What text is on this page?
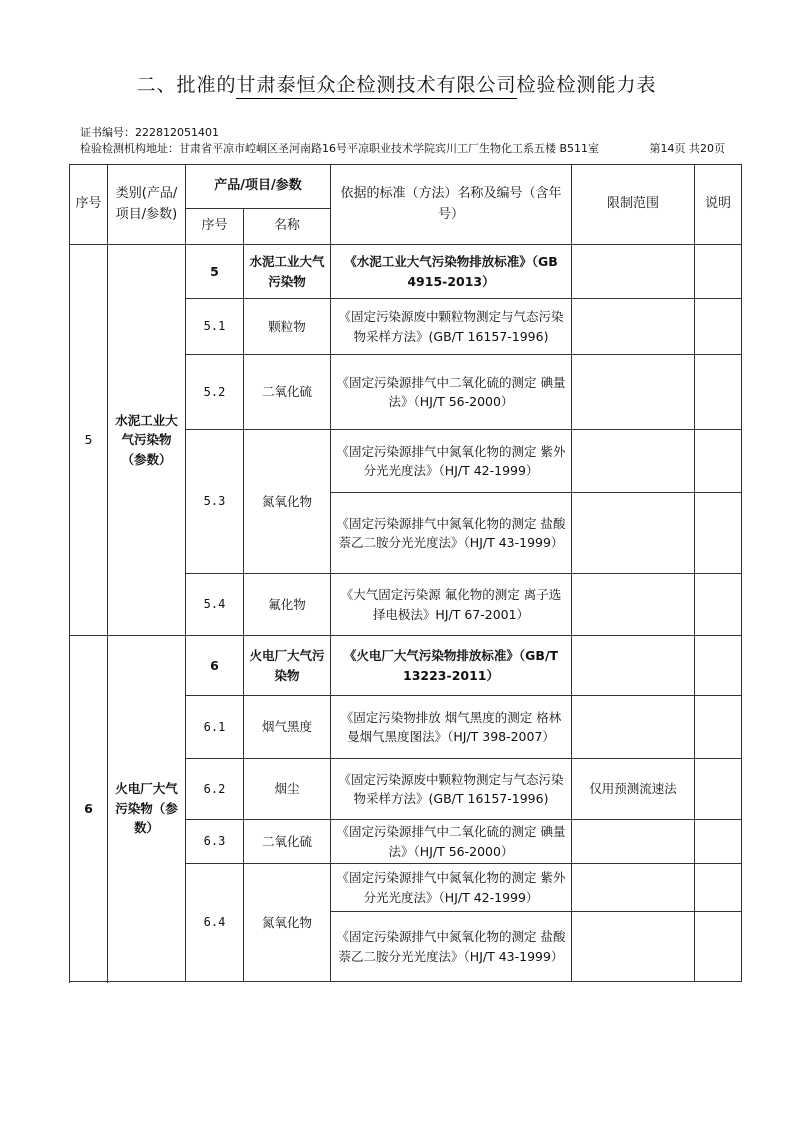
二、批准的甘肃泰恒众企检测技术有限公司检验检测能力表
证书编号：222812051401
检验检测机构地址：甘肃省平凉市崆峒区圣河南路16号平凉职业技术学院宾川工厂生物化工系五楼 B511室	第14页 共20页
序号	类别(产品/项目/参数)	产品/项目/参数		依据的标准（方法）名称及编号（含年号）	限制范围	说明
		序号	名称			
5	水泥工业大气污染物（参数）	5	水泥工业大气污染物	《水泥工业大气污染物排放标准》（GB 4915-2013）		
		5.1	颗粒物	《固定污染源废中颗粒物测定与气态污染物采样方法》(GB/T 16157-1996)		
		5.2	二氧化硫	《固定污染源排气中二氧化硫的测定 碘量法》（HJ/T 56-2000）		
		5.3	氮氧化物	《固定污染源排气中氮氧化物的测定 紫外分光光度法》（HJ/T 42-1999）		
				《固定污染源排气中氮氧化物的测定 盐酸萘乙二胺分光光度法》（HJ/T 43-1999）		
		5.4	氟化物	《大气固定污染源 氟化物的测定 离子选择电极法》HJ/T 67-2001）		

6	火电厂大气污染物（参数）	6	火电厂大气污染物	《火电厂大气污染物排放标准》（GB/T 13223-2011）		
		6.1	烟气黑度	《固定污染物排放 烟气黑度的测定 格林曼烟气黑度图法》（HJ/T 398-2007）		
		6.2	烟尘	《固定污染源废中颗粒物测定与气态污染物采样方法》(GB/T 16157-1996)	仅用预测流速法	
		6.3	二氧化硫	《固定污染源排气中二氧化硫的测定 碘量法》（HJ/T 56-2000）		
		6.4	氮氧化物	《固定污染源排气中氮氧化物的测定 紫外分光光度法》（HJ/T 42-1999）		
				《固定污染源排气中氮氧化物的测定 盐酸萘乙二胺分光光度法》（HJ/T 43-1999）		
